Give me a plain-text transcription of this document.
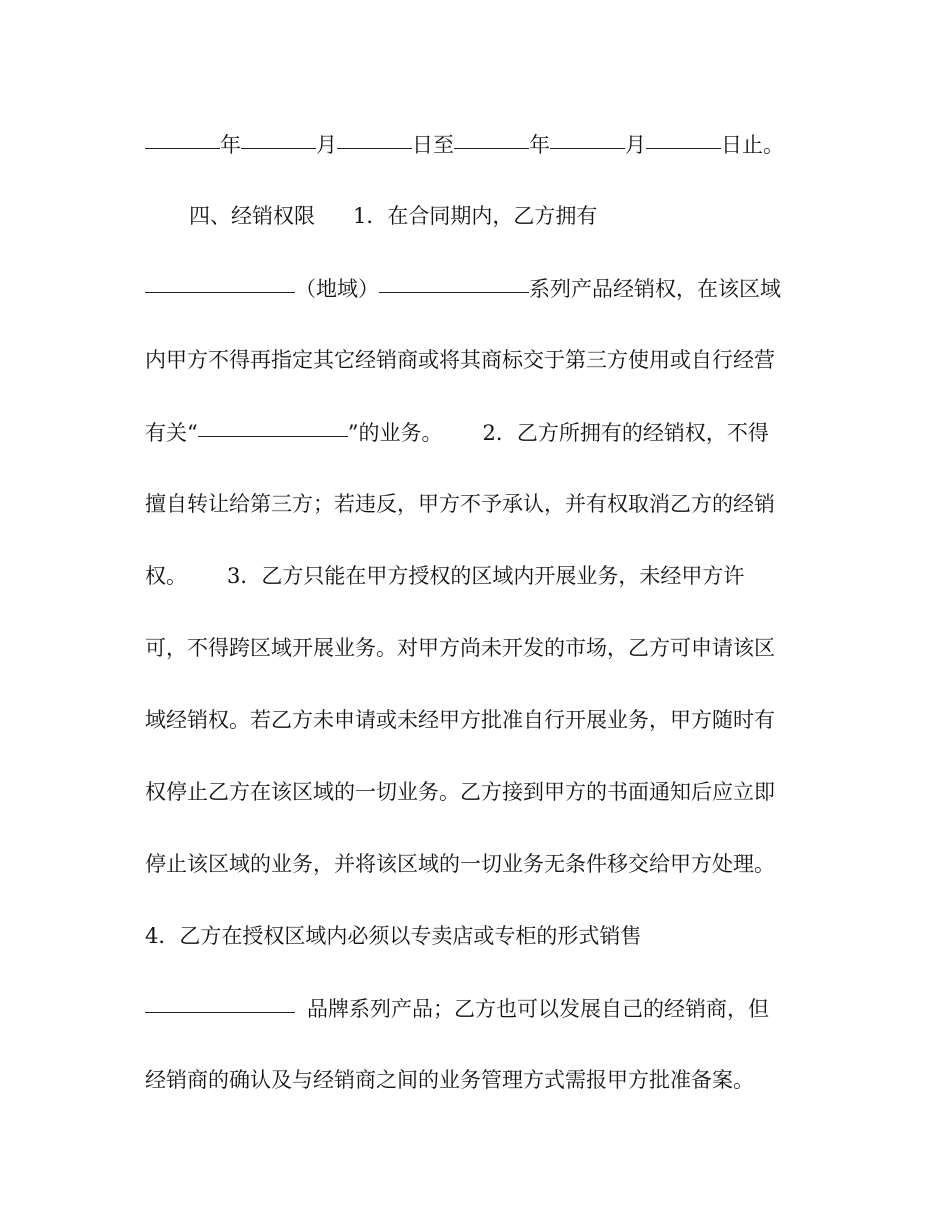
年	月	日至	年	月	日止。
四、经销权限 1．在合同期内，乙方拥有
（地域）	系列产品经销权，在该区域
内甲方不得再指定其它经销商或将其商标交于第三方使用或自行经营
有关“	”的业务。 2．乙方所拥有的经销权，不得
擅自转让给第三方；若违反，甲方不予承认，并有权取消乙方的经销
权。 3．乙方只能在甲方授权的区域内开展业务，未经甲方许
可，不得跨区域开展业务。对甲方尚未开发的市场，乙方可申请该区
域经销权。若乙方未申请或未经甲方批准自行开展业务，甲方随时有
权停止乙方在该区域的一切业务。乙方接到甲方的书面通知后应立即
停止该区域的业务，并将该区域的一切业务无条件移交给甲方处理。
4．乙方在授权区域内必须以专卖店或专柜的形式销售
品牌系列产品；乙方也可以发展自己的经销商，但
经销商的确认及与经销商之间的业务管理方式需报甲方批准备案。
